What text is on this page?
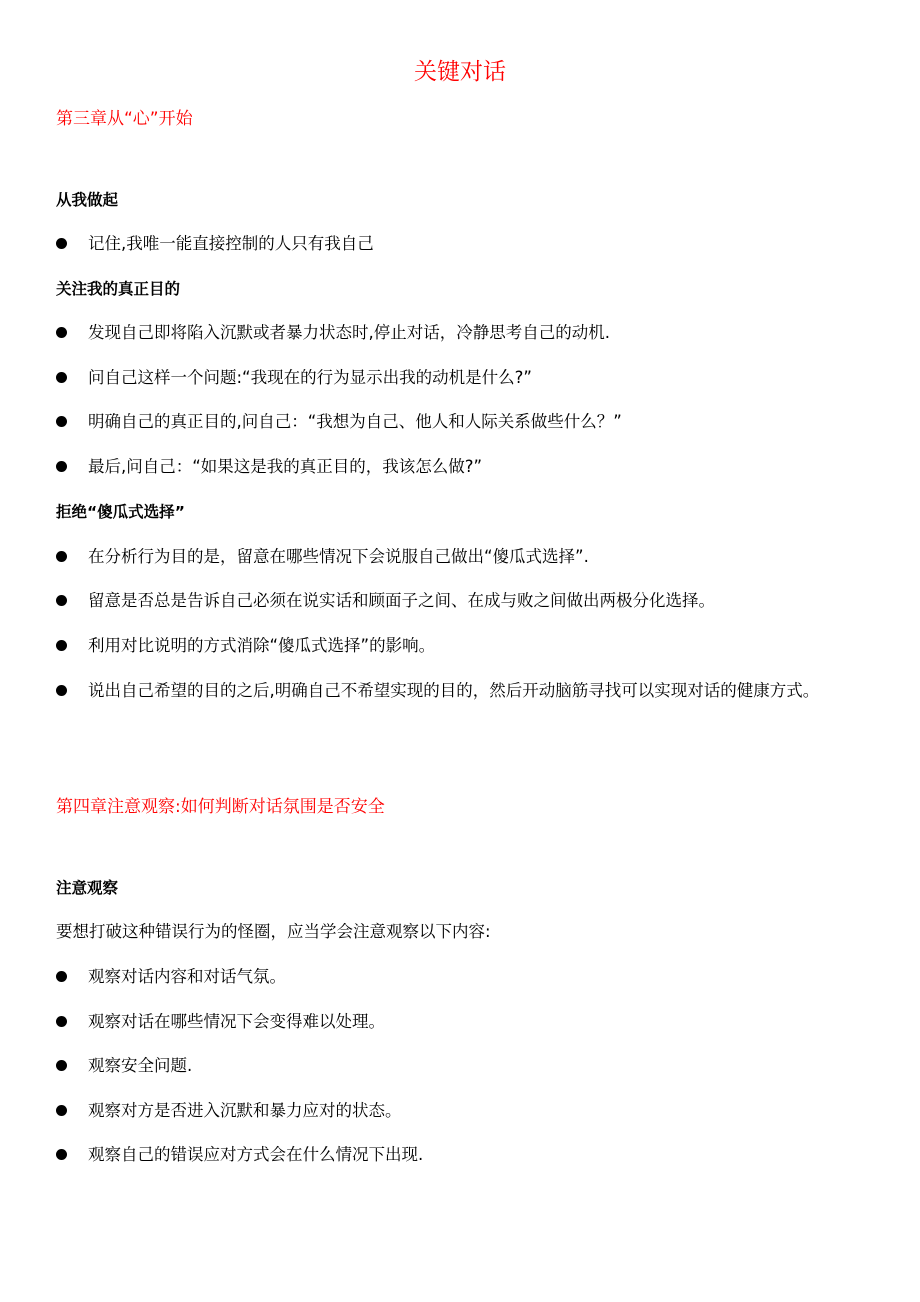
关键对话
第三章从“心”开始
从我做起
记住,我唯一能直接控制的人只有我自己
关注我的真正目的
发现自己即将陷入沉默或者暴力状态时,停止对话，冷静思考自己的动机.
问自己这样一个问题:“我现在的行为显示出我的动机是什么?”
明确自己的真正目的,问自己：“我想为自己、他人和人际关系做些什么？”
最后,问自己：“如果这是我的真正目的，我该怎么做?”
拒绝“傻瓜式选择”
在分析行为目的是，留意在哪些情况下会说服自己做出“傻瓜式选择”.
留意是否总是告诉自己必须在说实话和顾面子之间、在成与败之间做出两极分化选择。
利用对比说明的方式消除“傻瓜式选择”的影响。
说出自己希望的目的之后,明确自己不希望实现的目的，然后开动脑筋寻找可以实现对话的健康方式。
第四章注意观察:如何判断对话氛围是否安全
注意观察
要想打破这种错误行为的怪圈，应当学会注意观察以下内容:
观察对话内容和对话气氛。
观察对话在哪些情况下会变得难以处理。
观察安全问题.
观察对方是否进入沉默和暴力应对的状态。
观察自己的错误应对方式会在什么情况下出现.
